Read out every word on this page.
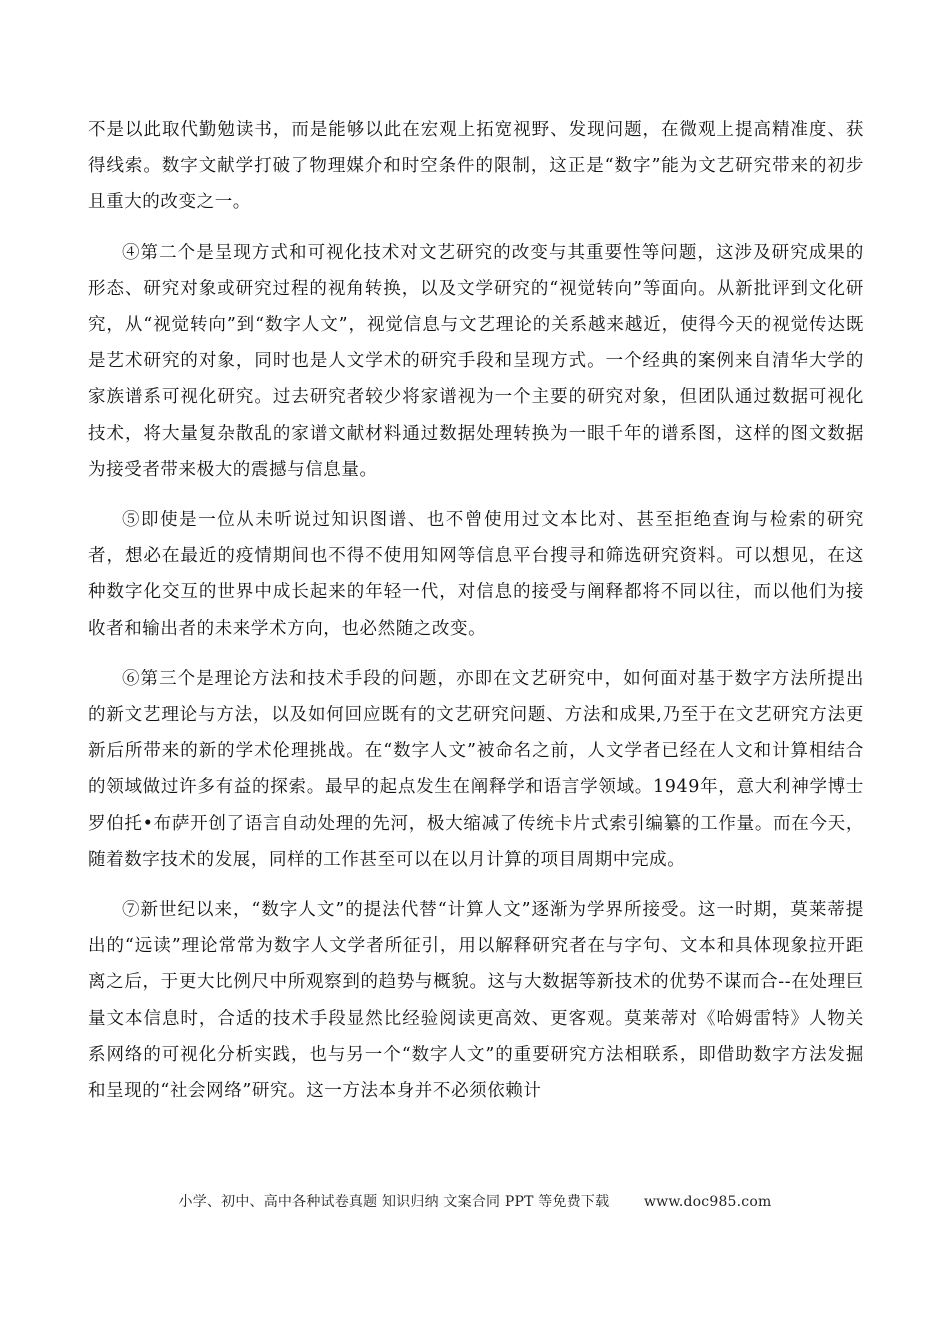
不是以此取代勤勉读书，而是能够以此在宏观上拓宽视野、发现问题，在微观上提高精准度、获得线索。数字文献学打破了物理媒介和时空条件的限制，这正是“数字”能为文艺研究带来的初步且重大的改变之一。

④第二个是呈现方式和可视化技术对文艺研究的改变与其重要性等问题，这涉及研究成果的形态、研究对象或研究过程的视角转换，以及文学研究的“视觉转向”等面向。从新批评到文化研究，从“视觉转向”到“数字人文”，视觉信息与文艺理论的关系越来越近，使得今天的视觉传达既是艺术研究的对象，同时也是人文学术的研究手段和呈现方式。一个经典的案例来自清华大学的家族谱系可视化研究。过去研究者较少将家谱视为一个主要的研究对象，但团队通过数据可视化技术，将大量复杂散乱的家谱文献材料通过数据处理转换为一眼千年的谱系图，这样的图文数据为接受者带来极大的震撼与信息量。

⑤即使是一位从未听说过知识图谱、也不曾使用过文本比对、甚至拒绝查询与检索的研究者，想必在最近的疫情期间也不得不使用知网等信息平台搜寻和筛选研究资料。可以想见，在这种数字化交互的世界中成长起来的年轻一代，对信息的接受与阐释都将不同以往，而以他们为接收者和输出者的未来学术方向，也必然随之改变。

⑥第三个是理论方法和技术手段的问题，亦即在文艺研究中，如何面对基于数字方法所提出的新文艺理论与方法，以及如何回应既有的文艺研究问题、方法和成果,乃至于在文艺研究方法更新后所带来的新的学术伦理挑战。在“数字人文”被命名之前，人文学者已经在人文和计算相结合的领域做过许多有益的探索。最早的起点发生在阐释学和语言学领域。1949年，意大利神学博士罗伯托•布萨开创了语言自动处理的先河，极大缩减了传统卡片式索引编纂的工作量。而在今天，随着数字技术的发展，同样的工作甚至可以在以月计算的项目周期中完成。

⑦新世纪以来，“数字人文”的提法代替“计算人文”逐渐为学界所接受。这一时期，莫莱蒂提出的“远读”理论常常为数字人文学者所征引，用以解释研究者在与字句、文本和具体现象拉开距离之后，于更大比例尺中所观察到的趋势与概貌。这与大数据等新技术的优势不谋而合--在处理巨量文本信息时，合适的技术手段显然比经验阅读更高效、更客观。莫莱蒂对《哈姆雷特》人物关系网络的可视化分析实践，也与另一个“数字人文”的重要研究方法相联系，即借助数字方法发掘和呈现的“社会网络”研究。这一方法本身并不必须依赖计

小学、初中、高中各种试卷真题 知识归纳 文案合同 PPT 等免费下载 www.doc985.com
